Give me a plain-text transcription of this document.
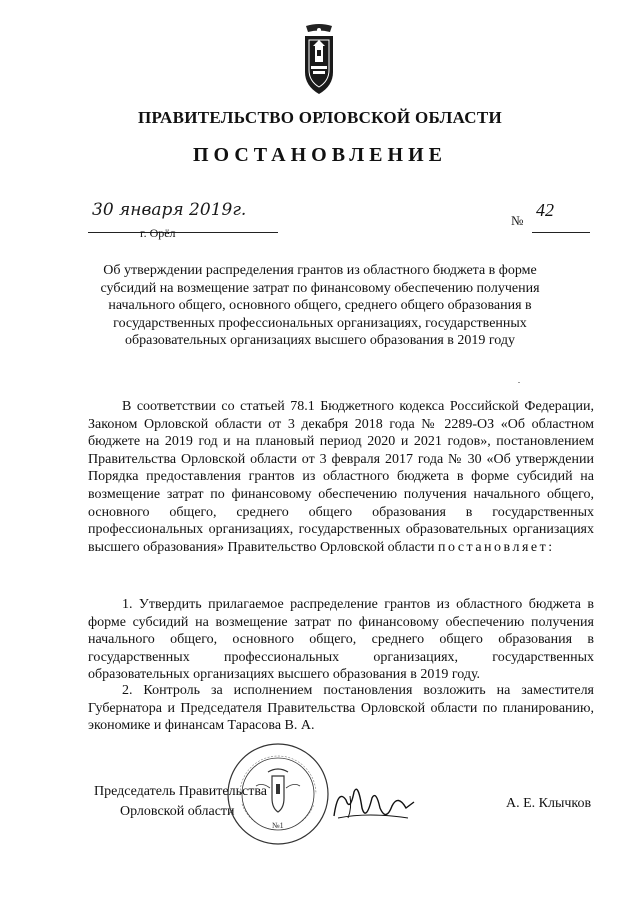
ПРАВИТЕЛЬСТВО ОРЛОВСКОЙ ОБЛАСТИ
ПОСТАНОВЛЕНИЕ
30 января 2019г.
г. Орёл
№
42
Об утверждении распределения грантов из областного бюджета в форме субсидий на возмещение затрат по финансовому обеспечению получения начального общего, основного общего, среднего общего образования в государственных профессиональных организациях, государственных образовательных организациях высшего образования в 2019 году

В соответствии со статьей 78.1 Бюджетного кодекса Российской Федерации, Законом Орловской области от 3 декабря 2018 года № 2289-ОЗ «Об областном бюджете на 2019 год и на плановый период 2020 и 2021 годов», постановлением Правительства Орловской области от 3 февраля 2017 года № 30 «Об утверждении Порядка предоставления грантов из областного бюджета в форме субсидий на возмещение затрат по финансовому обеспечению получения начального общего, основного общего, среднего общего образования в государственных профессиональных организациях, государственных образовательных организациях высшего образования» Правительство Орловской области постановляет:

1. Утвердить прилагаемое распределение грантов из областного бюджета в форме субсидий на возмещение затрат по финансовому обеспечению получения начального общего, основного общего, среднего общего образования в государственных профессиональных организациях, государственных образовательных организациях высшего образования в 2019 году.

2. Контроль за исполнением постановления возложить на заместителя Губернатора и Председателя Правительства Орловской области по планированию, экономике и финансам Тарасова В. А.

Председатель Правительства
Орловской области
№1
А. Е. Клычков
